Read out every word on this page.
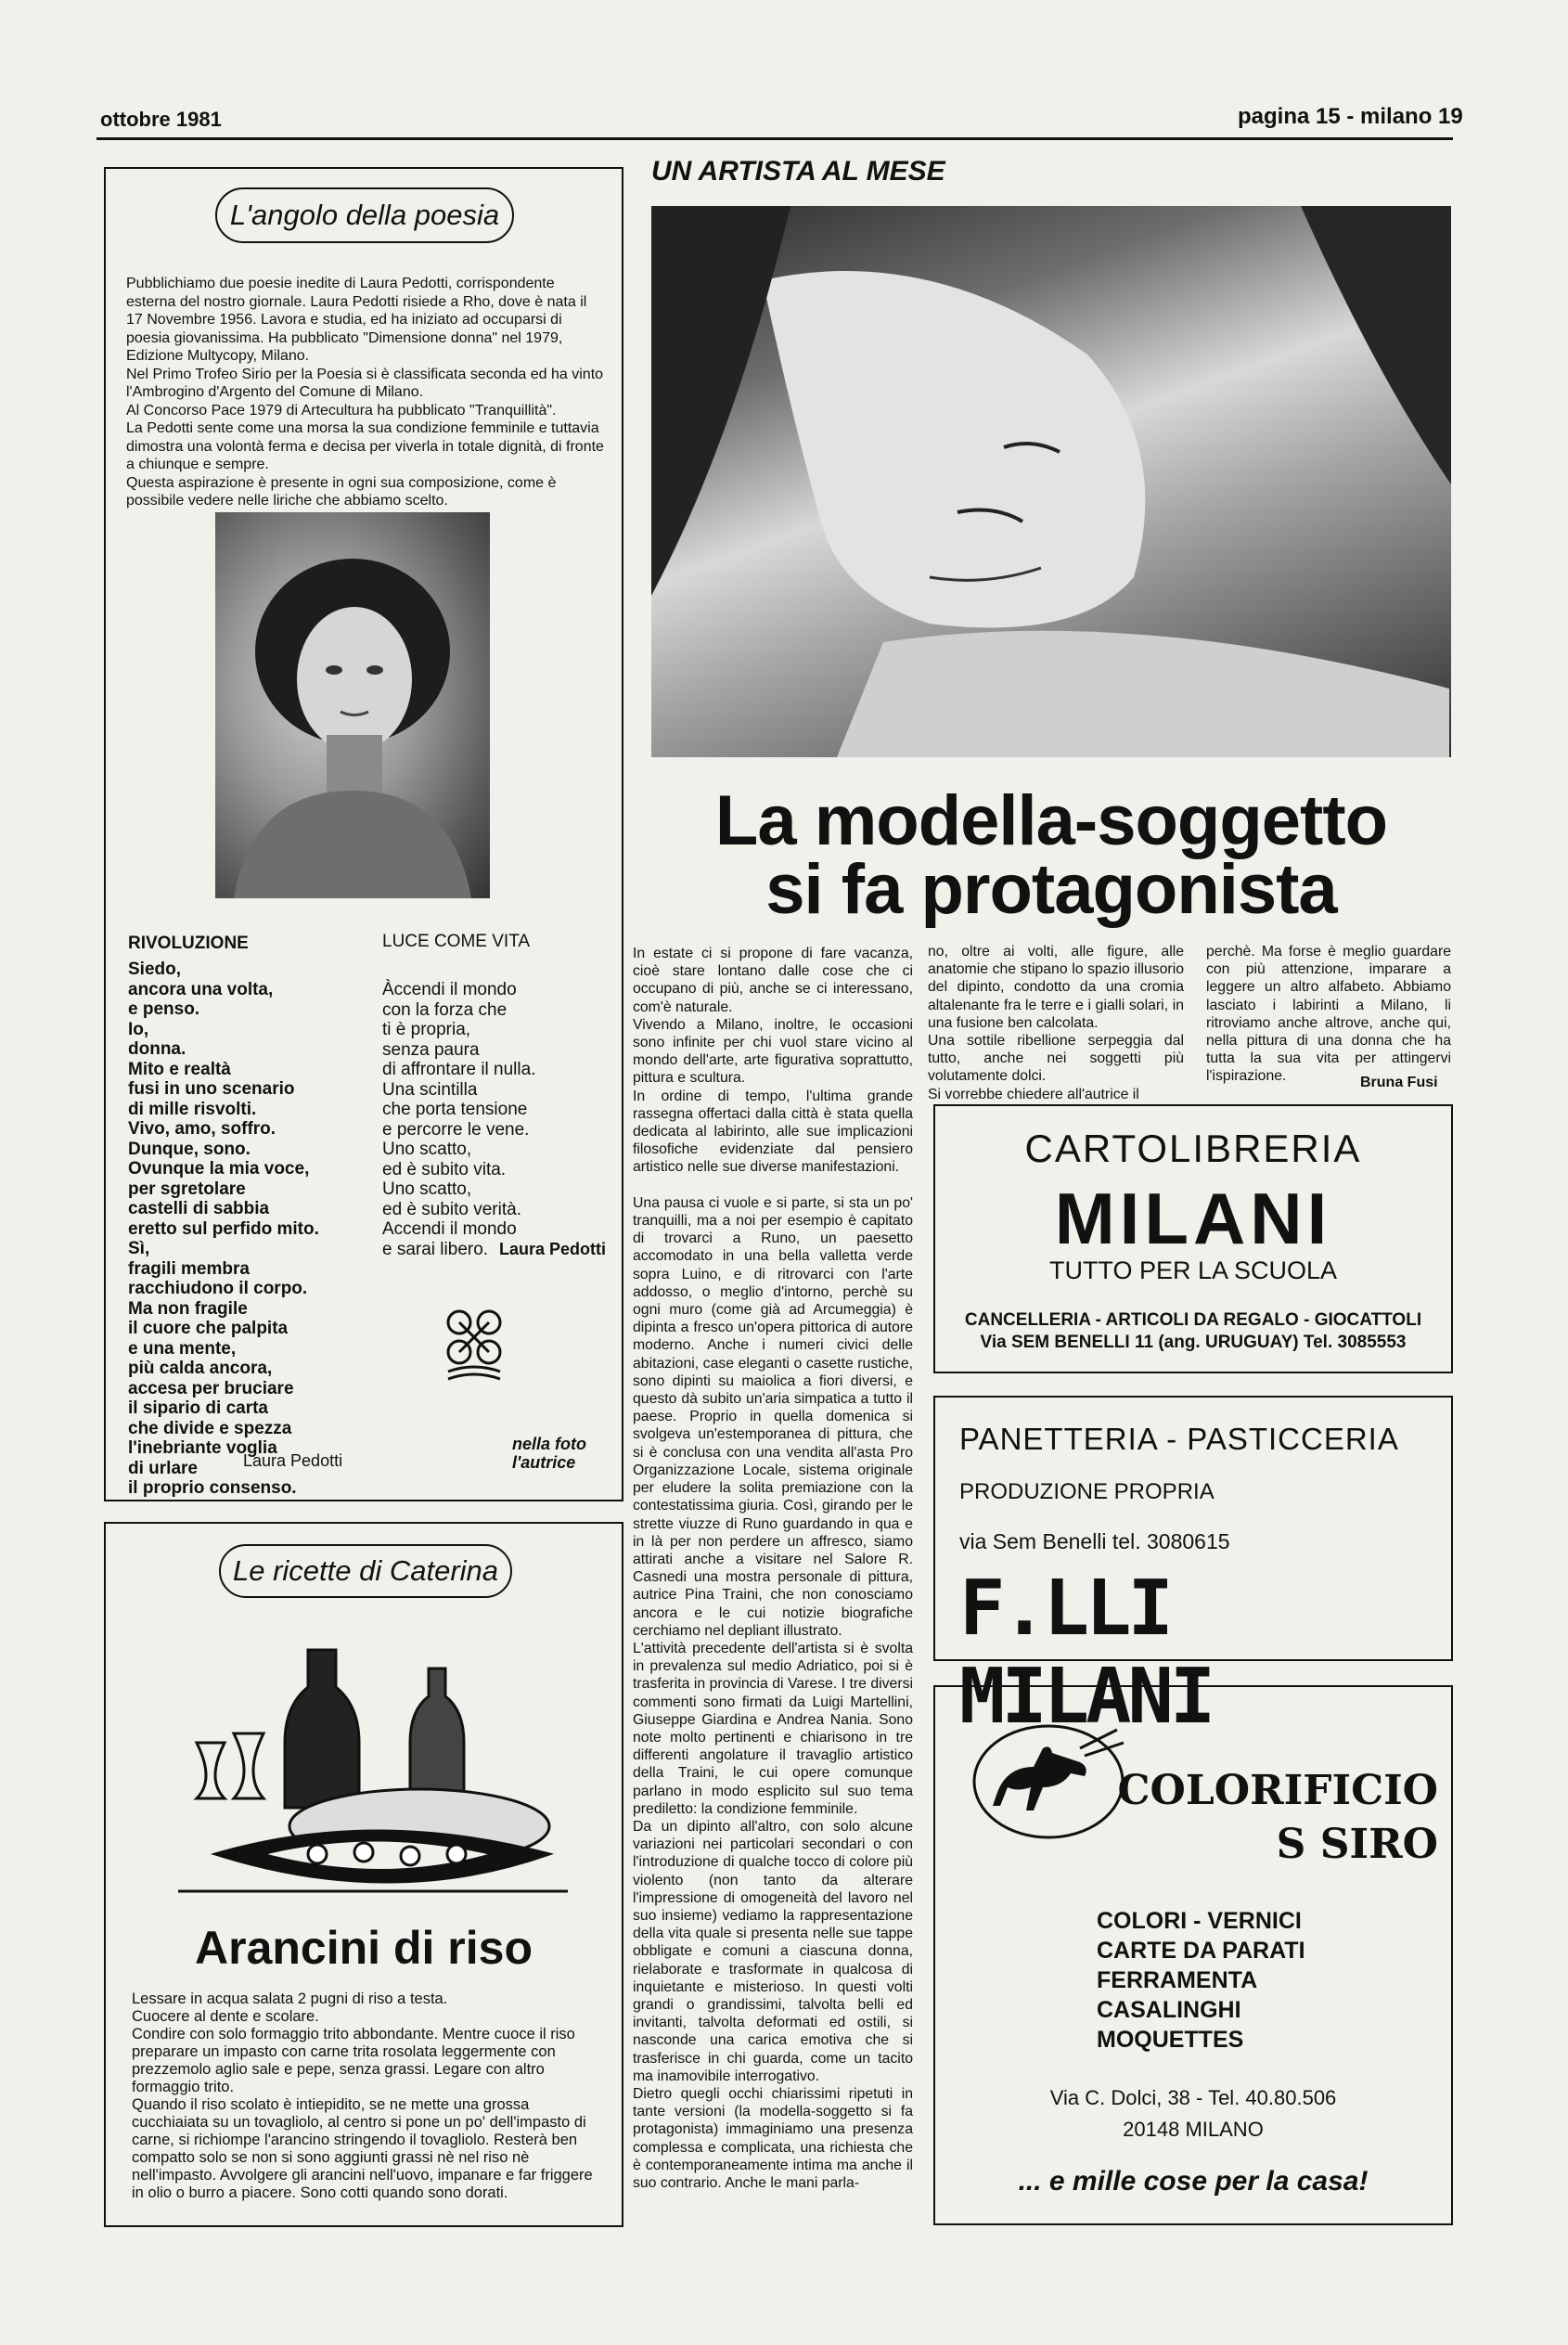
ottobre 1981	pagina 15 - milano 19
L'angolo della poesia

Pubblichiamo due poesie inedite di Laura Pedotti, corrispondente esterna del nostro giornale. Laura Pedotti risiede a Rho, dove è nata il 17 Novembre 1956. Lavora e studia, ed ha iniziato ad occuparsi di poesia giovanissima. Ha pubblicato "Dimensione donna" nel 1979, Edizione Multycopy, Milano.

Nel Primo Trofeo Sirio per la Poesia si è classificata seconda ed ha vinto l'Ambrogino d'Argento del Comune di Milano.

Al Concorso Pace 1979 di Artecultura ha pubblicato "Tranquillità".

La Pedotti sente come una morsa la sua condizione femminile e tuttavia dimostra una volontà ferma e decisa per viverla in totale dignità, di fronte a chiunque e sempre.

Questa aspirazione è presente in ogni sua composizione, come è possibile vedere nelle liriche che abbiamo scelto.

RIVOLUZIONE
Siedo,
ancora una volta,
e penso.
Io,
donna.
Mito e realtà
fusi in uno scenario
di mille risvolti.
Vivo, amo, soffro.
Dunque, sono.
Ovunque la mia voce,
per sgretolare
castelli di sabbia
eretto sul perfido mito.
Sì,
fragili membra
racchiudono il corpo.
Ma non fragile
il cuore che palpita
e una mente,
più calda ancora,
accesa per bruciare
il sipario di carta
che divide e spezza
l'inebriante voglia
di urlare
il proprio consenso.
Laura Pedotti
LUCE COME VITA
Àccendi il mondo
con la forza che
ti è propria,
senza paura
di affrontare il nulla.
Una scintilla
che porta tensione
e percorre le vene.
Uno scatto,
ed è subito vita.
Uno scatto,
ed è subito verità.
Accendi il mondo
e sarai libero. Laura Pedotti
nella foto
l'autrice
Le ricette di Caterina
Arancini di riso

Lessare in acqua salata 2 pugni di riso a testa.

Cuocere al dente e scolare.

Condire con solo formaggio trito abbondante. Mentre cuoce il riso preparare un impasto con carne trita rosolata leggermente con prezzemolo aglio sale e pepe, senza grassi. Legare con altro formaggio trito.

Quando il riso scolato è intiepidito, se ne mette una grossa cucchiaiata su un tovagliolo, al centro si pone un po' dell'impasto di carne, si richiompe l'arancino stringendo il tovagliolo. Resterà ben compatto solo se non si sono aggiunti grassi nè nel riso nè nell'impasto. Avvolgere gli arancini nell'uovo, impanare e far friggere in olio o burro a piacere. Sono cotti quando sono dorati.

UN ARTISTA AL MESE
La modella-soggetto
si fa protagonista
In estate ci si propone di fare vacanza, cioè stare lontano dalle cose che ci occupano di più, anche se ci interessano, com'è naturale.
Vivendo a Milano, inoltre, le occasioni sono infinite per chi vuol stare vicino al mondo dell'arte, arte figurativa soprattutto, pittura e scultura.
In ordine di tempo, l'ultima grande rassegna offertaci dalla città è stata quella dedicata al labirinto, alle sue implicazioni filosofiche evidenziate dal pensiero artistico nelle sue diverse manifestazioni.

Una pausa ci vuole e si parte, si sta un po' tranquilli, ma a noi per esempio è capitato di trovarci a Runo, un paesetto accomodato in una bella valletta verde sopra Luino, e di ritrovarci con l'arte addosso, o meglio d'intorno, perchè su ogni muro (come già ad Arcumeggia) è dipinta a fresco un'opera pittorica di autore moderno. Anche i numeri civici delle abitazioni, case eleganti o casette rustiche, sono dipinti su maiolica a fiori diversi, e questo dà subito un'aria simpatica a tutto il paese. Proprio in quella domenica si svolgeva un'estemporanea di pittura, che si è conclusa con una vendita all'asta Pro Organizzazione Locale, sistema originale per eludere la solita premiazione con la contestatissima giuria. Così, girando per le strette viuzze di Runo guardando in qua e in là per non perdere un affresco, siamo attirati anche a visitare nel Salore R. Casnedi una mostra personale di pittura, autrice Pina Traini, che non conosciamo ancora e le cui notizie biografiche cerchiamo nel depliant illustrato.
L'attività precedente dell'artista si è svolta in prevalenza sul medio Adriatico, poi si è trasferita in provincia di Varese. I tre diversi commenti sono firmati da Luigi Martellini, Giuseppe Giardina e Andrea Nania. Sono note molto pertinenti e chiarisono in tre differenti angolature il travaglio artistico della Traini, le cui opere comunque parlano in modo esplicito sul suo tema prediletto: la condizione femminile.
Da un dipinto all'altro, con solo alcune variazioni nei particolari secondari o con l'introduzione di qualche tocco di colore più violento (non tanto da alterare l'impressione di omogeneità del lavoro nel suo insieme) vediamo la rappresentazione della vita quale si presenta nelle sue tappe obbligate e comuni a ciascuna donna, rielaborate e trasformate in qualcosa di inquietante e misterioso. In questi volti grandi o grandissimi, talvolta belli ed invitanti, talvolta deformati ed ostili, si nasconde una carica emotiva che si trasferisce in chi guarda, come un tacito ma inamovibile interrogativo.
Dietro quegli occhi chiarissimi ripetuti in tante versioni (la modella-soggetto si fa protagonista) immaginiamo una presenza complessa e complicata, una richiesta che è contemporaneamente intima ma anche il suo contrario. Anche le mani parla-
no, oltre ai volti, alle figure, alle anatomie che stipano lo spazio illusorio del dipinto, condotto da una cromia altalenante fra le terre e i gialli solari, in una fusione ben calcolata.
Una sottile ribellione serpeggia dal tutto, anche nei soggetti più volutamente dolci.
Si vorrebbe chiedere all'autrice il
perchè. Ma forse è meglio guardare con più attenzione, imparare a leggere un altro alfabeto. Abbiamo lasciato i labirinti a Milano, li ritroviamo anche altrove, anche qui, nella pittura di una donna che ha tutta la sua vita per attingervi l'ispirazione.	Bruna Fusi
CARTOLIBRERIA
MILANI
TUTTO PER LA SCUOLA
CANCELLERIA - ARTICOLI DA REGALO - GIOCATTOLI
Via SEM BENELLI 11 (ang. URUGUAY) Tel. 3085553
PANETTERIA - PASTICCERIA
PRODUZIONE PROPRIA
via Sem Benelli tel. 3080615
F.LLI MILANI
COLORIFICIO
S SIRO
COLORI - VERNICI
CARTE DA PARATI
FERRAMENTA
CASALINGHI
MOQUETTES
Via C. Dolci, 38 - Tel. 40.80.506
20148 MILANO
... e mille cose per la casa!
